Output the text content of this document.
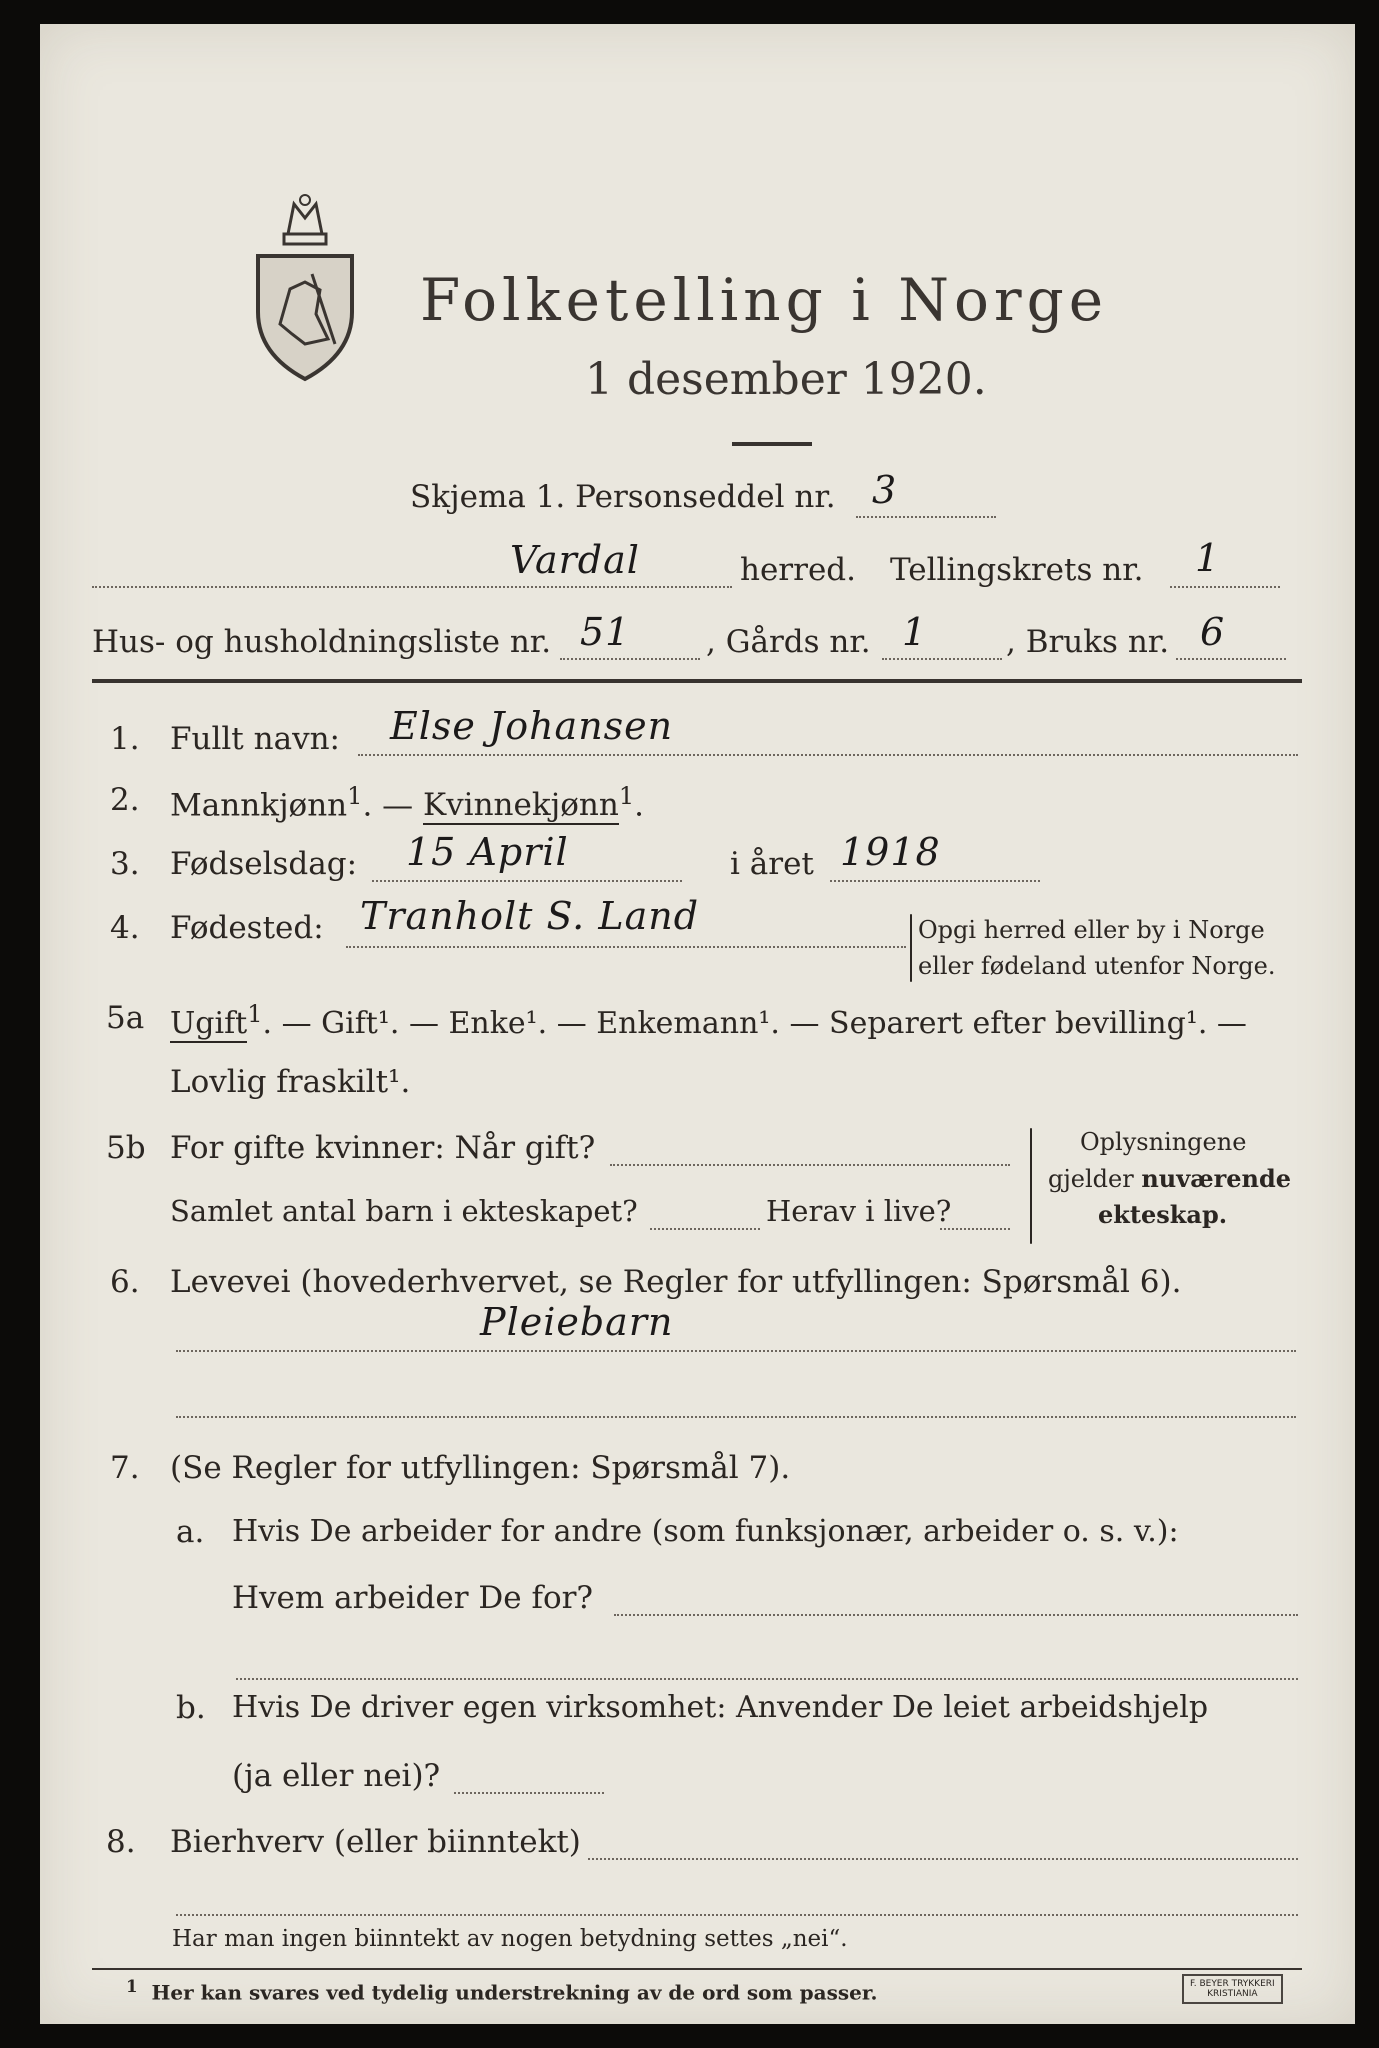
Folketelling i Norge
1 desember 1920.
Skjema 1. Personseddel nr. 3
Vardal	herred. Tellingskrets nr. 1
Hus- og husholdningsliste nr. 51 , Gårds nr. 1	, Bruks nr. 6
1. Fullt navn: Else Johansen
2. Mannkjønn$^1$. — Kvinnekjønn$^1$.
3. Fødselsdag: 15 April	i året 1918
4. Fødested: Tranholt S. Land	Opgi herred eller by i Norge
eller fødeland utenfor Norge.
5a Ugift$^1$. — Gift¹. — Enke¹. — Enkemann¹. — Separert efter bevilling¹. —
Lovlig fraskilt¹.
5b For gifte kvinner: Når gift?
Samlet antal barn i ekteskapet?	Herav i live?
Oplysningene
gjelder nuværende
ekteskap.
6. Levevei (hovederhvervet, se Regler for utfyllingen: Spørsmål 6).
Pleiebarn
7. (Se Regler for utfyllingen: Spørsmål 7).
a. Hvis De arbeider for andre (som funksjonær, arbeider o. s. v.):
Hvem arbeider De for?
b. Hvis De driver egen virksomhet: Anvender De leiet arbeidshjelp
(ja eller nei)?
8. Bierhverv (eller biinntekt)
Har man ingen biinntekt av nogen betydning settes „nei“.
$^1$ Her kan svares ved tydelig understrekning av de ord som passer.	F. BEYER TRYKKERI
KRISTIANIA
